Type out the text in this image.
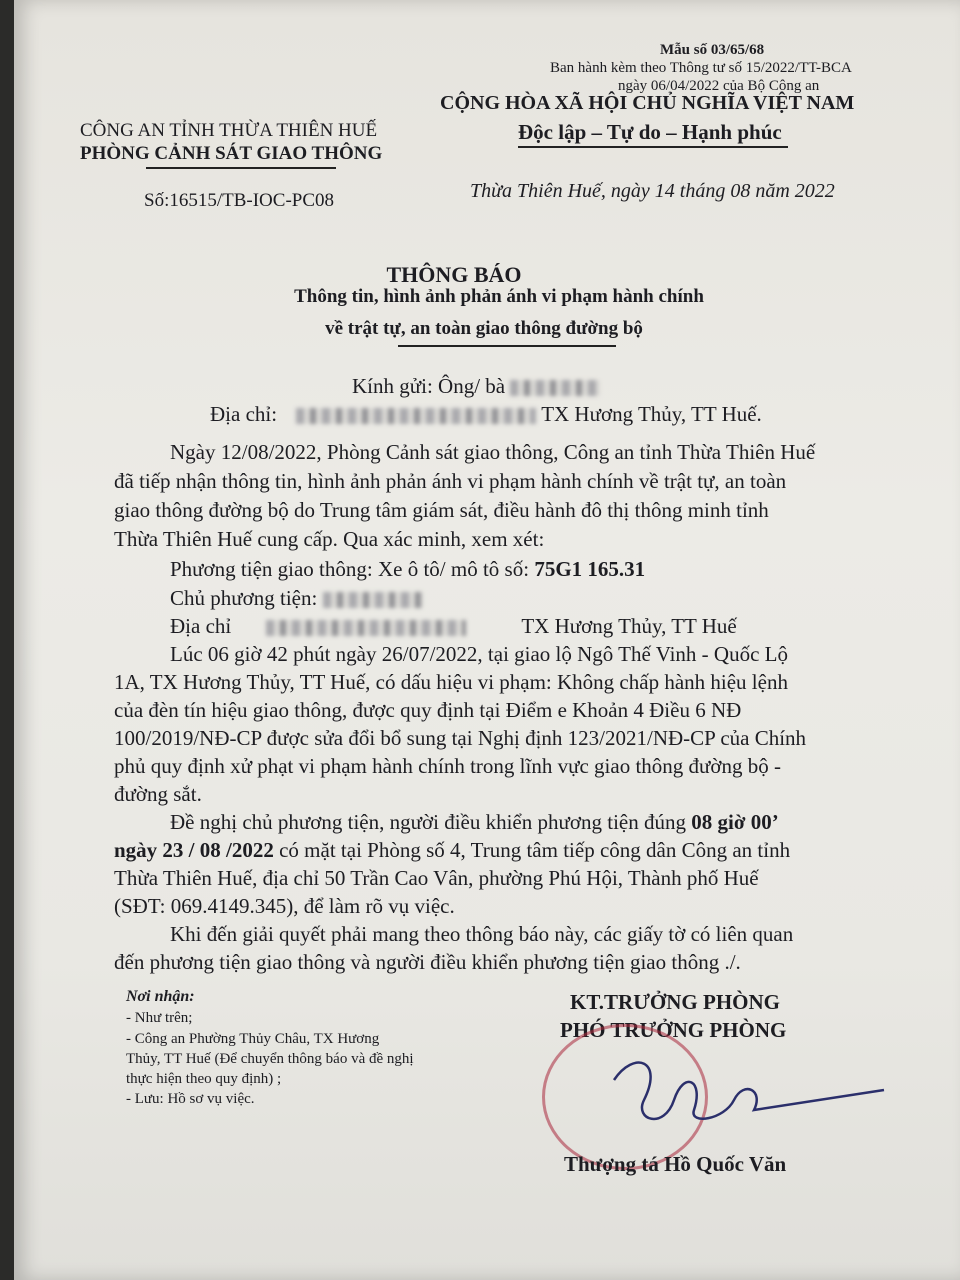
Mẫu số 03/65/68
Ban hành kèm theo Thông tư số 15/2022/TT-BCA
ngày 06/04/2022 của Bộ Công an
CÔNG AN TỈNH THỪA THIÊN HUẾ
PHÒNG CẢNH SÁT GIAO THÔNG
Số:16515/TB-IOC-PC08
CỘNG HÒA XÃ HỘI CHỦ NGHĨA VIỆT NAM
Độc lập – Tự do – Hạnh phúc
Thừa Thiên Huế, ngày 14 tháng 08 năm 2022
THÔNG BÁO
Thông tin, hình ảnh phản ánh vi phạm hành chính
về trật tự, an toàn giao thông đường bộ
Kính gửi: Ông/ bà
Địa chỉ:	TX Hương Thủy, TT Huế.
Ngày 12/08/2022, Phòng Cảnh sát giao thông, Công an tỉnh Thừa Thiên Huế
đã tiếp nhận thông tin, hình ảnh phản ánh vi phạm hành chính về trật tự, an toàn
giao thông đường bộ do Trung tâm giám sát, điều hành đô thị thông minh tỉnh
Thừa Thiên Huế cung cấp. Qua xác minh, xem xét:
Phương tiện giao thông: Xe ô tô/ mô tô số: 75G1 165.31
Chủ phương tiện:
Địa chỉ	TX Hương Thủy, TT Huế
Lúc 06 giờ 42 phút ngày 26/07/2022, tại giao lộ Ngô Thế Vinh - Quốc Lộ
1A, TX Hương Thủy, TT Huế, có dấu hiệu vi phạm: Không chấp hành hiệu lệnh
của đèn tín hiệu giao thông, được quy định tại Điểm e Khoản 4 Điều 6 NĐ
100/2019/NĐ-CP được sửa đổi bổ sung tại Nghị định 123/2021/NĐ-CP của Chính
phủ quy định xử phạt vi phạm hành chính trong lĩnh vực giao thông đường bộ -
đường sắt.
Đề nghị chủ phương tiện, người điều khiển phương tiện đúng 08 giờ 00’
ngày 23 / 08 /2022 có mặt tại Phòng số 4, Trung tâm tiếp công dân Công an tỉnh
Thừa Thiên Huế, địa chỉ 50 Trần Cao Vân, phường Phú Hội, Thành phố Huế
(SĐT: 069.4149.345), để làm rõ vụ việc.
Khi đến giải quyết phải mang theo thông báo này, các giấy tờ có liên quan
đến phương tiện giao thông và người điều khiển phương tiện giao thông ./.
Nơi nhận:
- Như trên;
- Công an Phường Thủy Châu, TX Hương
Thủy, TT Huế (Để chuyển thông báo và đề nghị
thực hiện theo quy định) ;
- Lưu: Hồ sơ vụ việc.
KT.TRƯỞNG PHÒNG
PHÓ TRƯỞNG PHÒNG
Thượng tá Hồ Quốc Văn
